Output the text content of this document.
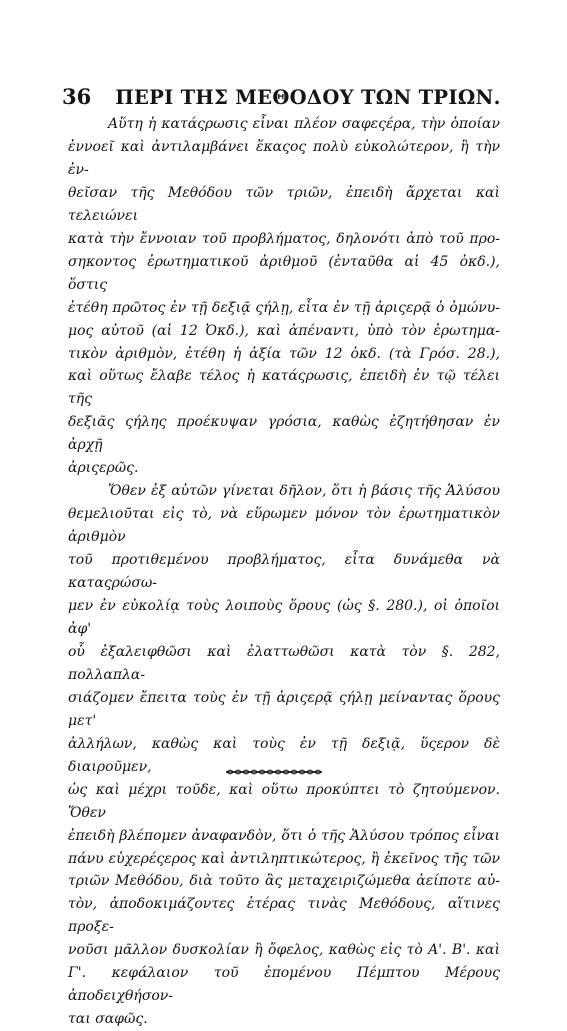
36 ΠΕΡΙ ΤΗΣ ΜΕΘΟΔΟΥ ΤΩΝ ΤΡΙΩΝ.
Αὕτη ἡ κατάςρωσις εἶναι πλέον σαφεςέρα, τὴν ὁποίαν
ἐννοεῖ καὶ ἀντιλαμβάνει ἕκαςος πολὺ εὐκολώτερον, ἢ τὴν ἐν-
θεῖσαν τῆς Μεθόδου τῶν τριῶν, ἐπειδὴ ἄρχεται καὶ τελειώνει
κατὰ τὴν ἔννοιαν τοῦ προβλήματος, δηλονότι ἀπὸ τοῦ προ-
σηκοντος ἐρωτηματικοῦ ἀριθμοῦ (ἐνταῦθα αἱ 45 ὀκδ.), ὅστις
ἐτέθη πρῶτος ἐν τῇ δεξιᾷ ςήλῃ, εἶτα ἐν τῇ ἀριςερᾷ ὁ ὁμώνυ-
μος αὐτοῦ (αἱ 12 Ὀκδ.), καὶ ἀπέναντι, ὑπὸ τὸν ἐρωτημα-
τικὸν ἀριθμὸν, ἐτέθη ἡ ἀξία τῶν 12 ὀκδ. (τὰ Γρόσ. 28.),
καὶ οὕτως ἔλαβε τέλος ἡ κατάςρωσις, ἐπειδὴ ἐν τῷ τέλει τῆς
δεξιᾶς ςήλης προέκυψαν γρόσια, καθὼς ἐζητήθησαν ἐν ἀρχῇ
ἀριςερῶς.
Ὅθεν ἐξ αὐτῶν γίνεται δῆλον, ὅτι ἡ βάσις τῆς Ἁλύσου
θεμελιοῦται εἰς τὸ, νὰ εὕρωμεν μόνον τὸν ἐρωτηματικὸν ἀριθμὸν
τοῦ προτιθεμένου προβλήματος, εἶτα δυνάμεθα νὰ καταςρώσω-
μεν ἐν εὐκολίᾳ τοὺς λοιποὺς ὅρους (ὡς §. 280.), οἱ ὁποῖοι ἀφ'
οὗ ἐξαλειφθῶσι καὶ ἐλαττωθῶσι κατὰ τὸν §. 282, πολλαπλα-
σιάζομεν ἔπειτα τοὺς ἐν τῇ ἀριςερᾷ ςήλῃ μείναντας ὅρους μετ'
ἀλλήλων, καθὼς καὶ τοὺς ἐν τῇ δεξιᾷ, ὕςερον δὲ διαιροῦμεν,
ὡς καὶ μέχρι τοῦδε, καὶ οὕτω προκύπτει τὸ ζητούμενον. Ὅθεν
ἐπειδὴ βλέπομεν ἀναφανδὸν, ὅτι ὁ τῆς Ἁλύσου τρόπος εἶναι
πάνυ εὐχερέςερος καὶ ἀντιληπτικώτερος, ἢ ἐκεῖνος τῆς τῶν
τριῶν Μεθόδου, διὰ τοῦτο ἂς μεταχειριζώμεθα ἀείποτε αὐ-
τὸν, ἀποδοκιμάζοντες ἑτέρας τινὰς Μεθόδους, αἵτινες προξε-
νοῦσι μᾶλλον δυσκολίαν ἢ ὄφελος, καθὼς εἰς τὸ Α'. Β'. καὶ
Γ'. κεφάλαιον τοῦ ἑπομένου Πέμπτου Μέρους ἀποδειχθήσον-
ται σαφῶς.
